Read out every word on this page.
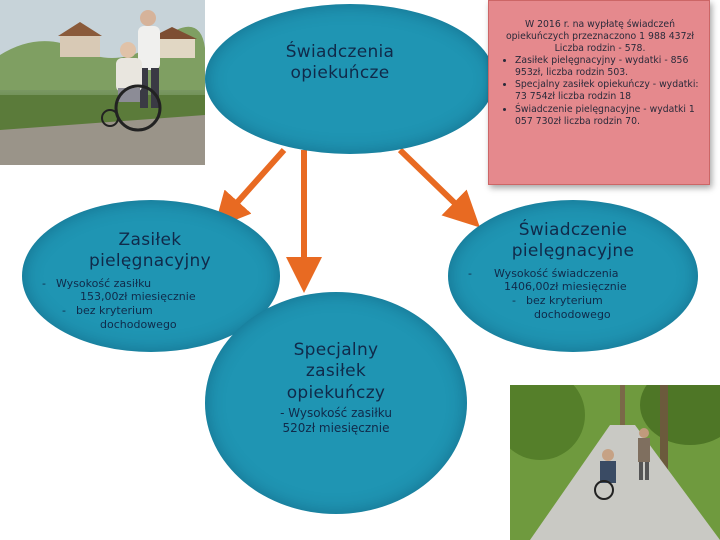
Świadczenia
opiekuńcze
W 2016 r. na wypłatę świadczeń opiekuńczych przeznaczono 1 988 437zł Liczba rodzin - 578.
• Zasiłek pielęgnacyjny - wydatki - 856 953zł, liczba rodzin 503.
• Specjalny zasiłek opiekuńczy - wydatki: 73 754zł liczba rodzin 18
• Świadczenie pielęgnacyjne - wydatki 1 057 730zł liczba rodzin 70.
Zasiłek
pielęgnacyjny
- Wysokość zasiłku
153,00zł miesięcznie
- bez kryterium
dochodowego
Świadczenie
pielęgnacyjne
- Wysokość świadczenia
1406,00zł miesięcznie
- bez kryterium
dochodowego
Specjalny
zasiłek
opiekuńczy
- Wysokość zasiłku
520zł miesięcznie
